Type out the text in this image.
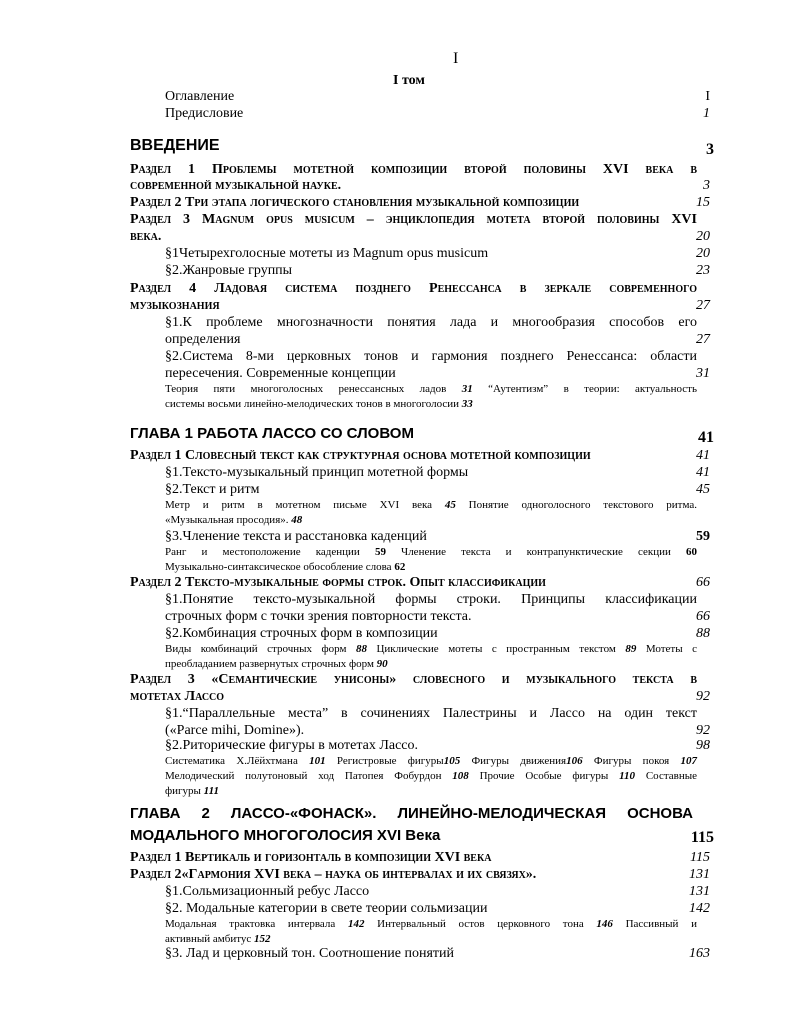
I
I том
Оглавление	I
Предисловие	1
ВВЕДЕНИЕ	3
Раздел 1 Проблемы мотетной композиции второй половины XVI века в
современной музыкальной науке.	3
Раздел 2 Три этапа логического становления музыкальной композиции	15
Раздел 3 Magnum opus musicum – энциклопедия мотета второй половины XVI
века.	20
§1Четырехголосные мотеты из Magnum opus musicum	20
§2.Жанровые группы	23
Раздел 4 Ладовая система позднего Ренессанса в зеркале современного
музыкознания	27
§1.К проблеме многозначности понятия лада и многообразия способов его
определения	27
§2.Система 8-ми церковных тонов и гармония позднего Ренессанса: области
пересечения. Современные концепции	31
Теория пяти многоголосных ренессансных ладов 31 “Аутентизм” в теории: актуальность
системы восьми линейно-мелодических тонов в многоголосии 33
ГЛАВА 1 РАБОТА ЛАССО СО СЛОВОМ	41
Раздел 1 Словесный текст как структурная основа мотетной композиции	41
§1.Тексто-музыкальный принцип мотетной формы	41
§2.Текст и ритм	45
Метр и ритм в мотетном письме XVI века 45 Понятие одноголосного текстового ритма.
«Музыкальная просодия». 48
§3.Членение текста и расстановка каденций	59
Ранг и местоположение каденции 59 Членение текста и контрапунктические секции 60
Музыкально-синтаксическое обособление слова 62
Раздел 2 Тексто-музыкальные формы строк. Опыт классификации	66
§1.Понятие тексто-музыкальной формы строки. Принципы классификации
строчных форм с точки зрения повторности текста.	66
§2.Комбинация строчных форм в композиции	88
Виды комбинаций строчных форм 88 Циклические мотеты с пространным текстом 89 Мотеты с
преобладанием развернутых строчных форм 90
Раздел 3 «Семантические унисоны» словесного и музыкального текста в
мотетах Лассо	92
§1.“Параллельные места” в сочинениях Палестрины и Лассо на один текст
(«Parce mihi, Domine»).	92
§2.Риторические фигуры в мотетах Лассо.	98
Систематика Х.Лёйхтмана 101 Регистровые фигуры105 Фигуры движения106 Фигуры покоя 107
Мелодический полутоновый ход Патопея Фобурдон 108 Прочие Особые фигуры 110 Составные
фигуры 111
ГЛАВА 2 ЛАССО-«ФОНАСК». ЛИНЕЙНО-МЕЛОДИЧЕСКАЯ ОСНОВА
МОДАЛЬНОГО МНОГОГОЛОСИЯ XVI Века	115
Раздел 1 Вертикаль и горизонталь в композиции XVI века	115
Раздел 2«Гармония XVI века – наука об интервалах и их связях».	131
§1.Сольмизационный ребус Лассо	131
§2. Модальные категории в свете теории сольмизации	142
Модальная трактовка интервала 142 Интервальный остов церковного тона 146 Пассивный и
активный амбитус 152
§3. Лад и церковный тон. Соотношение понятий	163
